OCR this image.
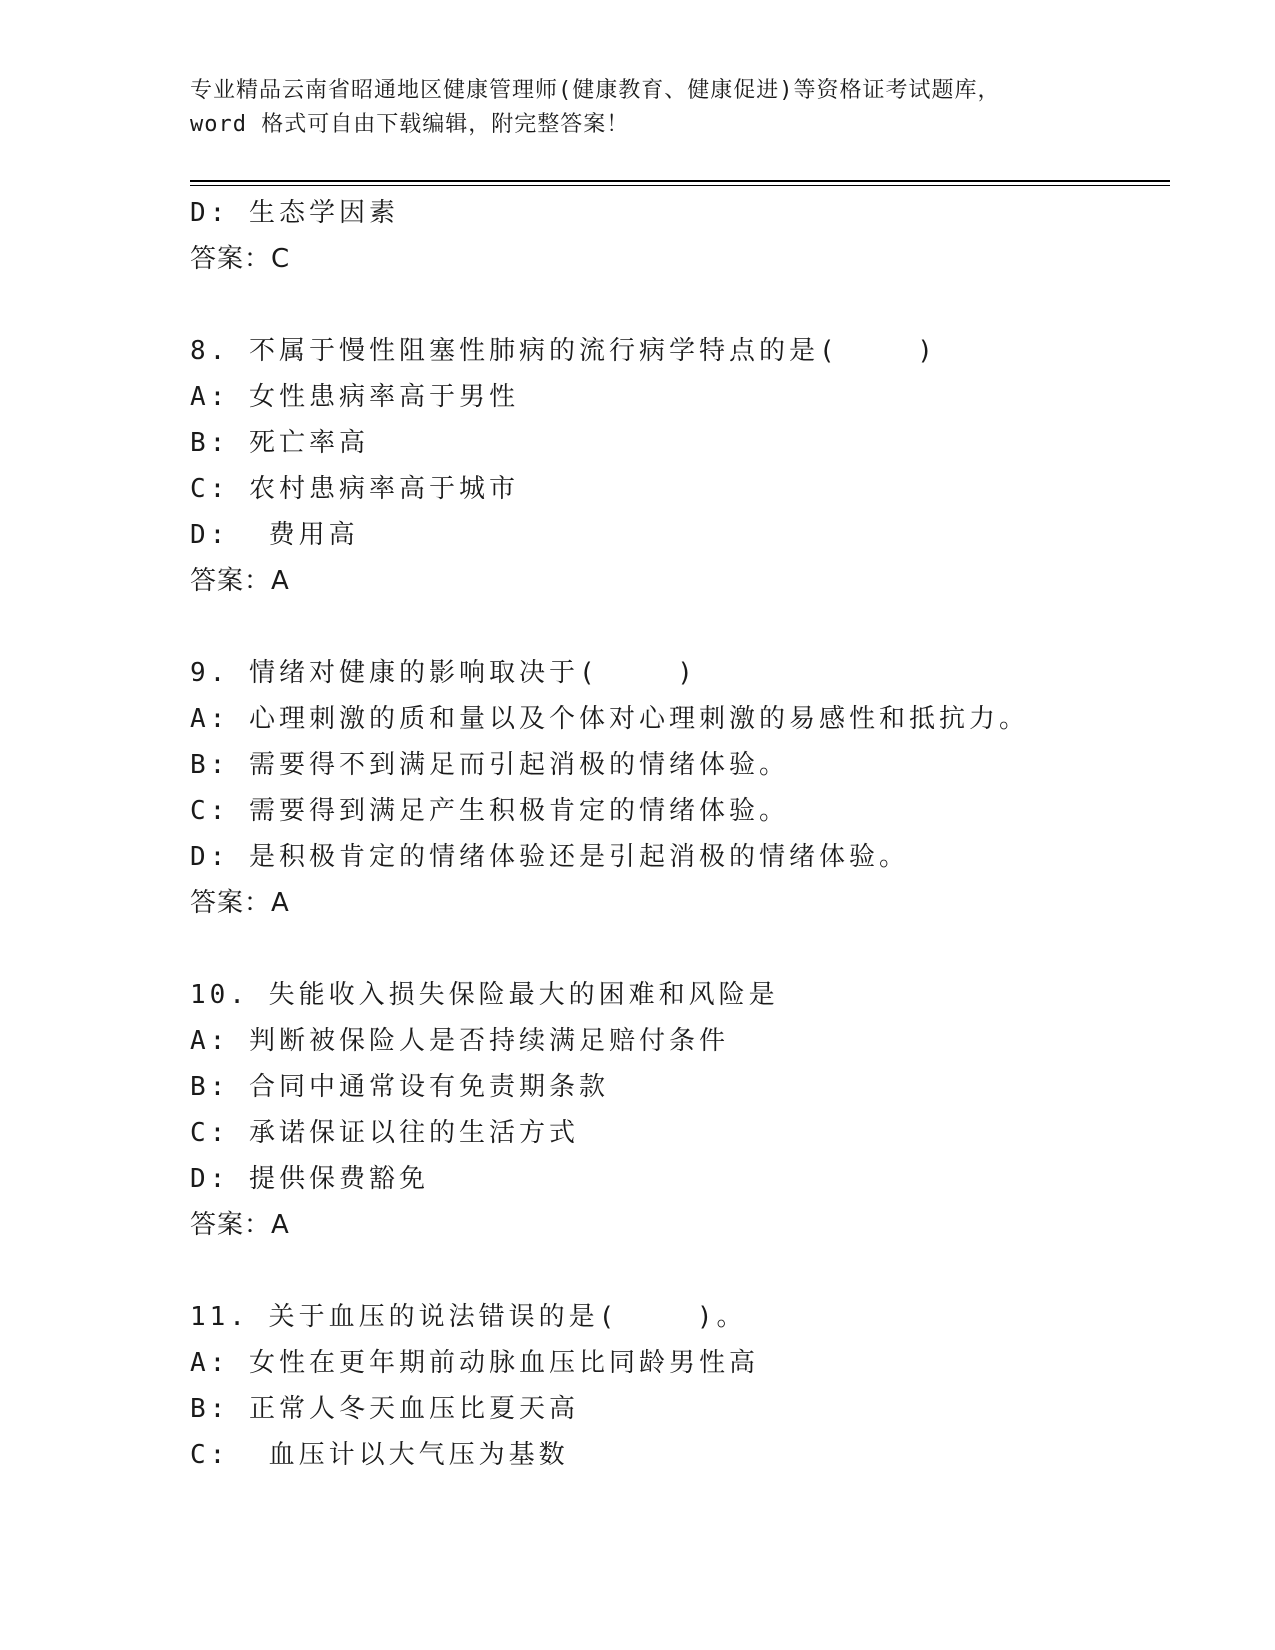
专业精品云南省昭通地区健康管理师(健康教育、健康促进)等资格证考试题库，
word 格式可自由下载编辑，附完整答案！
D: 生态学因素
答案：C
8. 不属于慢性阻塞性肺病的流行病学特点的是(    )
A: 女性患病率高于男性
B: 死亡率高
C: 农村患病率高于城市
D:  费用高
答案：A
9. 情绪对健康的影响取决于(    )
A: 心理刺激的质和量以及个体对心理刺激的易感性和抵抗力。
B: 需要得不到满足而引起消极的情绪体验。
C: 需要得到满足产生积极肯定的情绪体验。
D: 是积极肯定的情绪体验还是引起消极的情绪体验。
答案：A
10. 失能收入损失保险最大的困难和风险是
A: 判断被保险人是否持续满足赔付条件
B: 合同中通常设有免责期条款
C: 承诺保证以往的生活方式
D: 提供保费豁免
答案：A
11. 关于血压的说法错误的是(    )。
A: 女性在更年期前动脉血压比同龄男性高
B: 正常人冬天血压比夏天高
C:  血压计以大气压为基数
